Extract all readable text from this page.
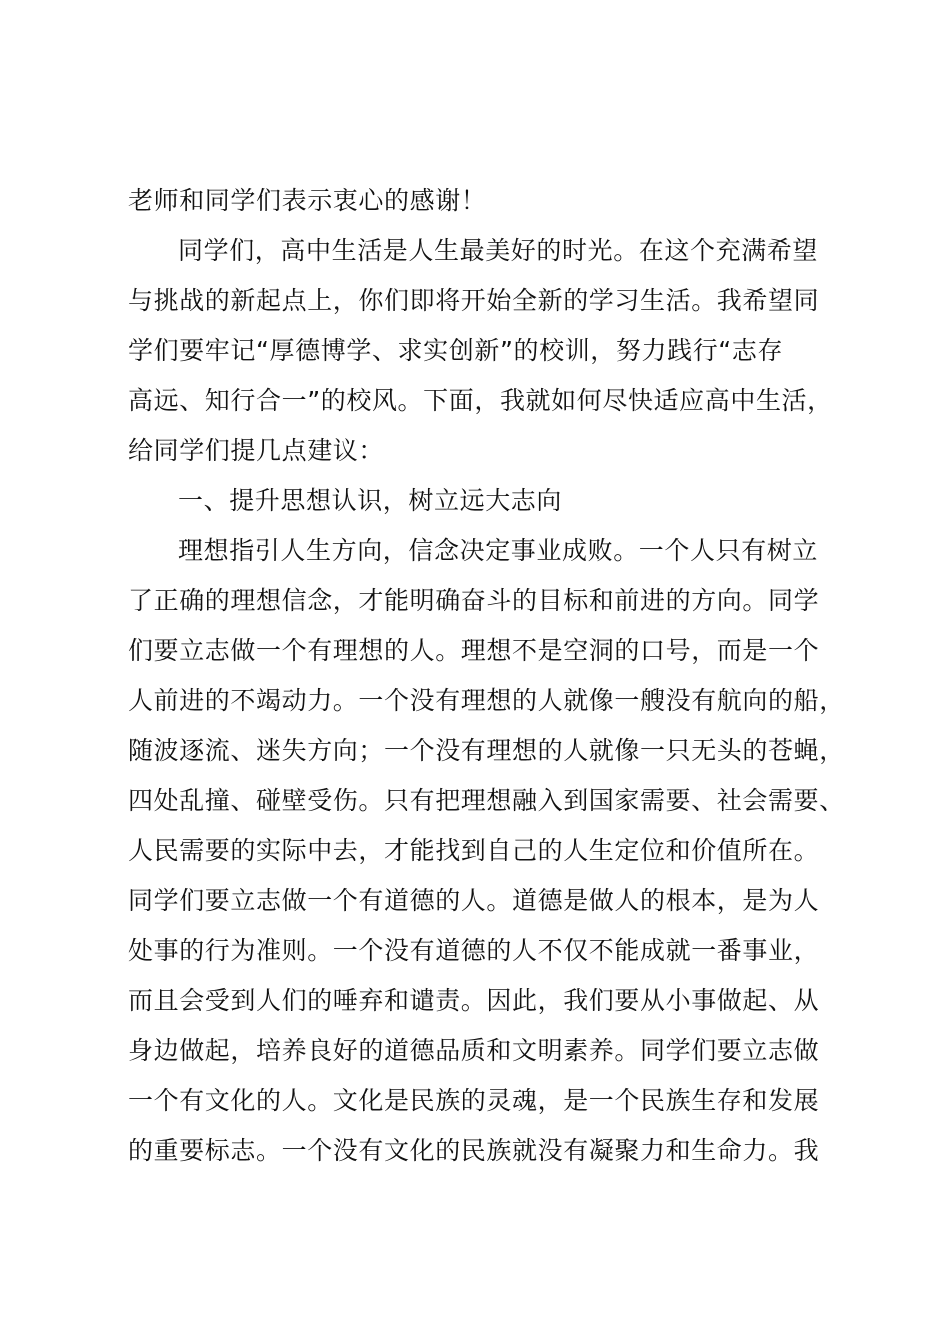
老师和同学们表示衷心的感谢！
同学们，高中生活是人生最美好的时光。在这个充满希望
与挑战的新起点上，你们即将开始全新的学习生活。我希望同
学们要牢记“厚德博学、求实创新”的校训，努力践行“志存
高远、知行合一”的校风。下面，我就如何尽快适应高中生活，
给同学们提几点建议：
一、提升思想认识，树立远大志向
理想指引人生方向，信念决定事业成败。一个人只有树立
了正确的理想信念，才能明确奋斗的目标和前进的方向。同学
们要立志做一个有理想的人。理想不是空洞的口号，而是一个
人前进的不竭动力。一个没有理想的人就像一艘没有航向的船，
随波逐流、迷失方向；一个没有理想的人就像一只无头的苍蝇，
四处乱撞、碰壁受伤。只有把理想融入到国家需要、社会需要、
人民需要的实际中去，才能找到自己的人生定位和价值所在。
同学们要立志做一个有道德的人。道德是做人的根本，是为人
处事的行为准则。一个没有道德的人不仅不能成就一番事业，
而且会受到人们的唾弃和谴责。因此，我们要从小事做起、从
身边做起，培养良好的道德品质和文明素养。同学们要立志做
一个有文化的人。文化是民族的灵魂，是一个民族生存和发展
的重要标志。一个没有文化的民族就没有凝聚力和生命力。我
